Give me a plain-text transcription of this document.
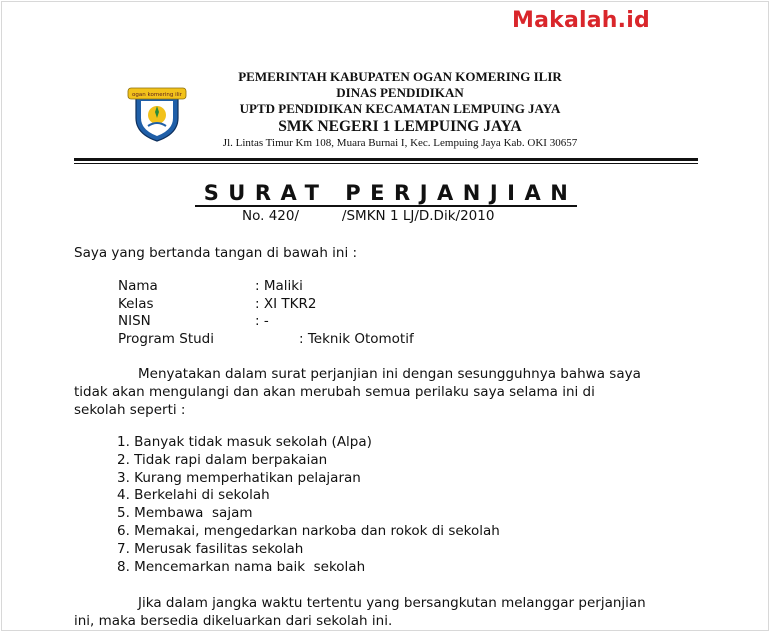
Makalah.id
ogan komering ilir
PEMERINTAH KABUPATEN OGAN KOMERING ILIR
DINAS PENDIDIKAN
UPTD PENDIDIKAN KECAMATAN LEMPUING JAYA
SMK NEGERI 1 LEMPUING JAYA
Jl. Lintas Timur Km 108, Muara Burnai I, Kec. Lempuing Jaya Kab. OKI 30657
SURAT PERJANJIAN
No. 420/          /SMKN 1 LJ/D.Dik/2010
Saya yang bertanda tangan di bawah ini :
Nama	: Maliki
Kelas	: XI TKR2
NISN	: -
Program Studi	: Teknik Otomotif
Menyatakan dalam surat perjanjian ini dengan sesungguhnya bahwa saya
tidak akan mengulangi dan akan merubah semua perilaku saya selama ini di
sekolah seperti :
1. Banyak tidak masuk sekolah (Alpa)
2. Tidak rapi dalam berpakaian
3. Kurang memperhatikan pelajaran
4. Berkelahi di sekolah
5. Membawa  sajam
6. Memakai, mengedarkan narkoba dan rokok di sekolah
7. Merusak fasilitas sekolah
8. Mencemarkan nama baik  sekolah
Jika dalam jangka waktu tertentu yang bersangkutan melanggar perjanjian
ini, maka bersedia dikeluarkan dari sekolah ini.
